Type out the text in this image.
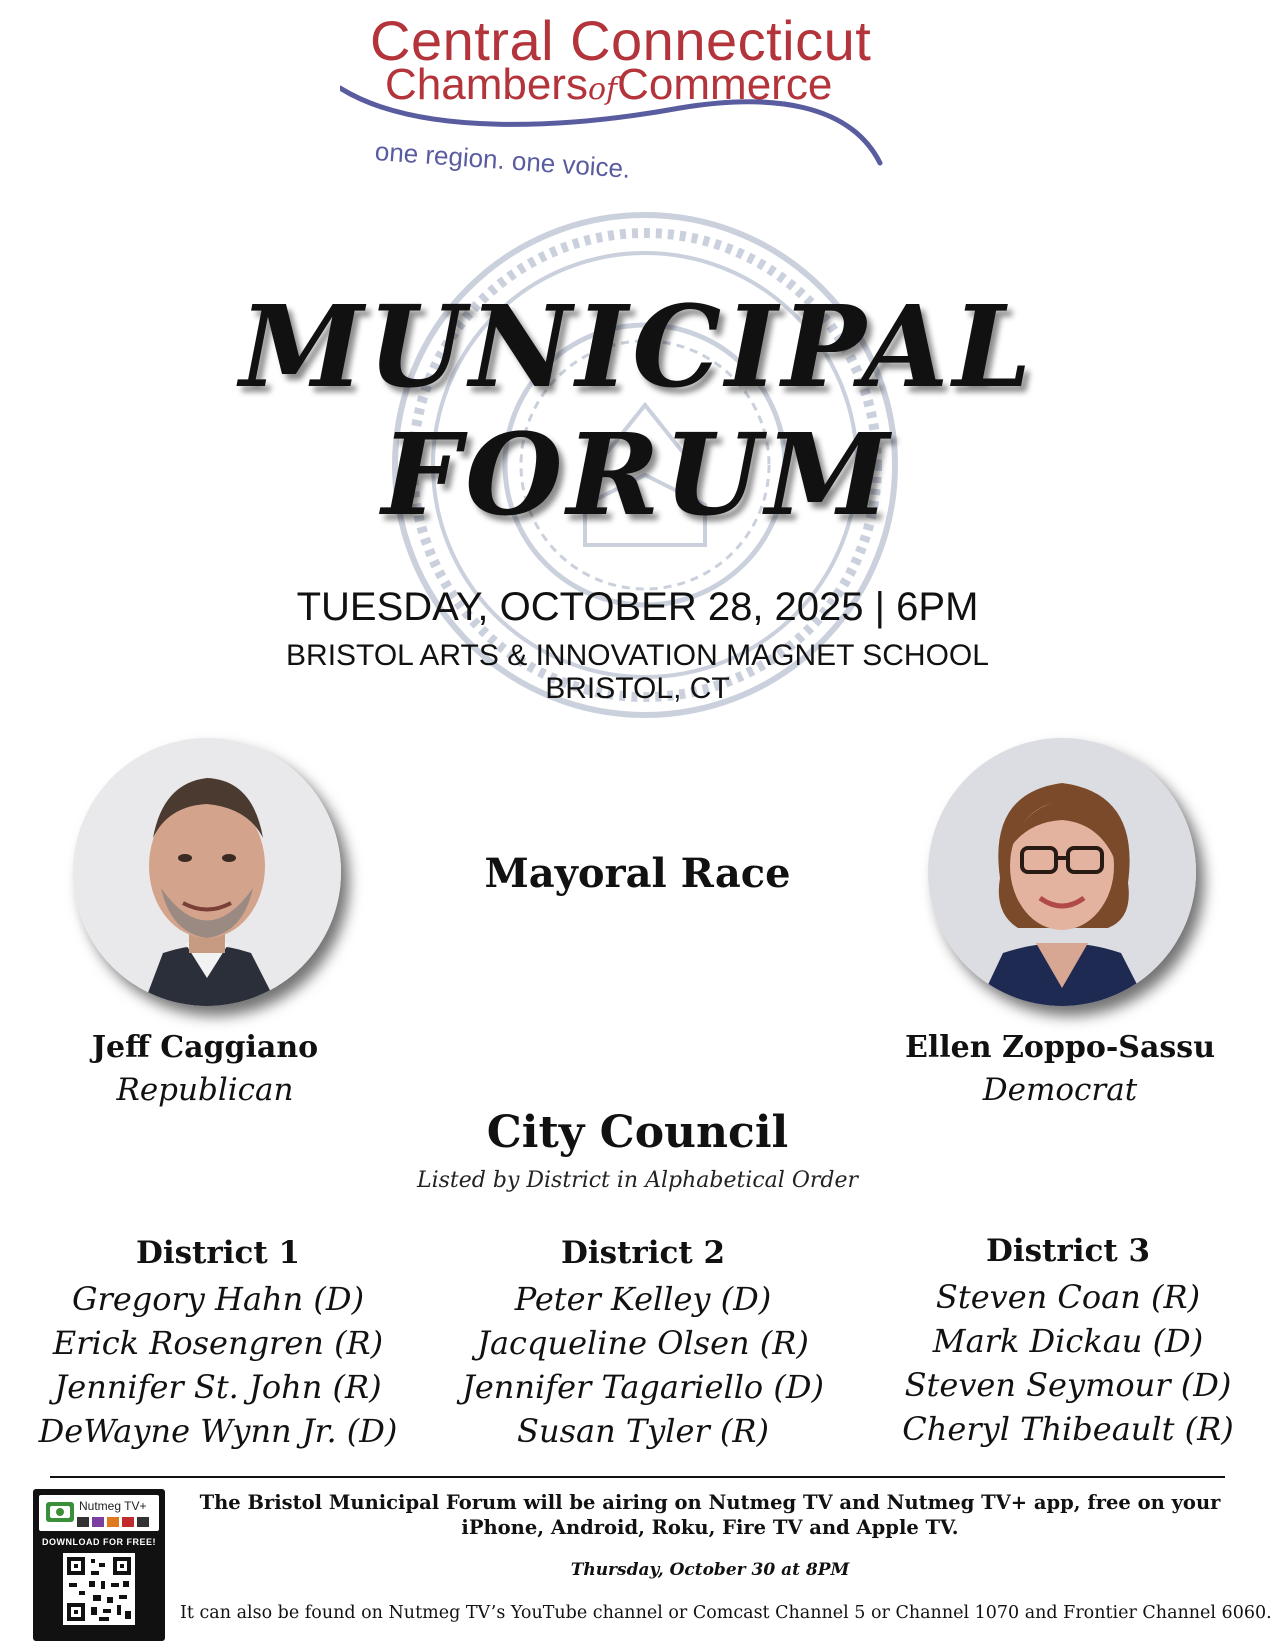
Central Connecticut
ChambersofCommerce
one region. one voice.
MUNICIPAL
FORUM
TUESDAY, OCTOBER 28, 2025 | 6PM
BRISTOL ARTS & INNOVATION MAGNET SCHOOL
BRISTOL, CT
Mayoral Race
Jeff Caggiano
Republican
Ellen Zoppo-Sassu
Democrat
City Council
Listed by District in Alphabetical Order
District 1
Gregory Hahn (D)
Erick Rosengren (R)
Jennifer St. John (R)
DeWayne Wynn Jr. (D)
District 2
Peter Kelley (D)
Jacqueline Olsen (R)
Jennifer Tagariello (D)
Susan Tyler (R)
District 3
Steven Coan (R)
Mark Dickau (D)
Steven Seymour (D)
Cheryl Thibeault (R)
Nutmeg TV+
DOWNLOAD FOR FREE!
The Bristol Municipal Forum will be airing on Nutmeg TV and Nutmeg TV+ app, free on your iPhone, Android, Roku, Fire TV and Apple TV.
Thursday, October 30 at 8PM
It can also be found on Nutmeg TV’s YouTube channel or Comcast Channel 5 or Channel 1070 and Frontier Channel 6060.
